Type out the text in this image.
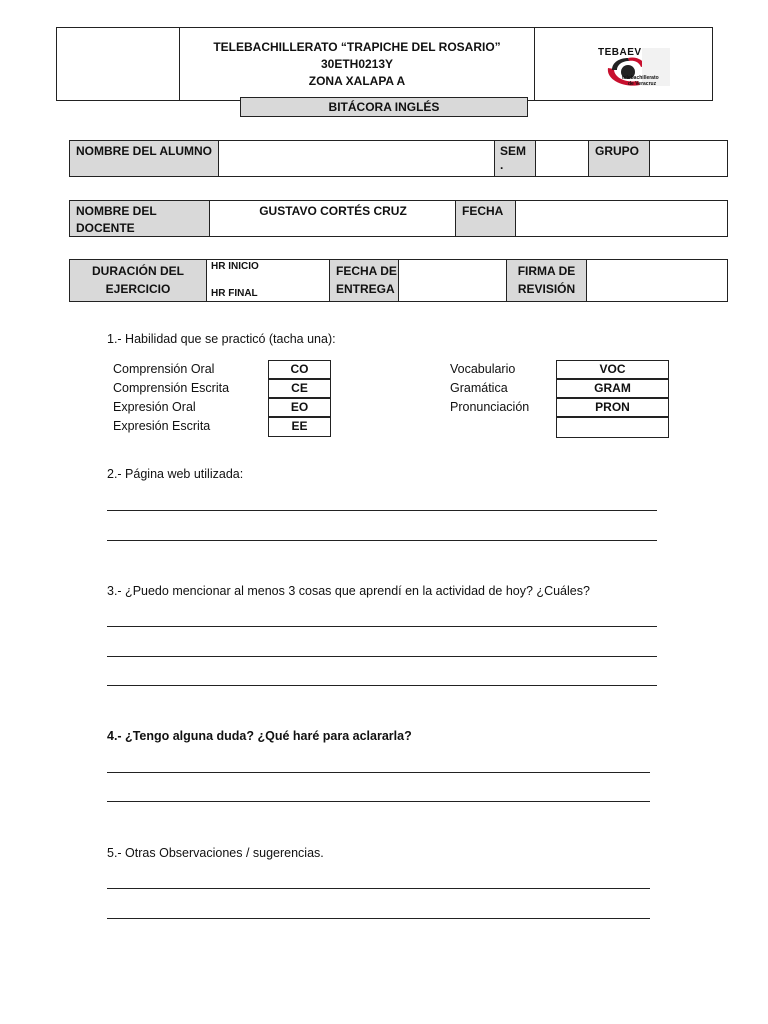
TELEBACHILLERATO “TRAPICHE DEL ROSARIO”
30ETH0213Y
ZONA XALAPA A
TEBAEV
telebachillerato
de Veracruz
BITÁCORA INGLÉS
NOMBRE DEL ALUMNO	SEM
.
GRUPO
NOMBRE DEL
DOCENTE
GUSTAVO CORTÉS CRUZ	FECHA
DURACIÓN DEL
EJERCICIO
HR INICIO
HR FINAL
FECHA DE
ENTREGA
FIRMA DE
REVISIÓN
1.- Habilidad que se practicó (tacha una):
Comprensión Oral
Comprensión Escrita
Expresión Oral
Expresión Escrita
CO
CE
EO
EE
Vocabulario
Gramática
Pronunciación
VOC
GRAM
PRON
2.- Página web utilizada:
3.- ¿Puedo mencionar al menos 3 cosas que aprendí en la actividad de hoy? ¿Cuáles?
4.- ¿Tengo alguna duda? ¿Qué haré para aclararla?
5.- Otras Observaciones / sugerencias.
